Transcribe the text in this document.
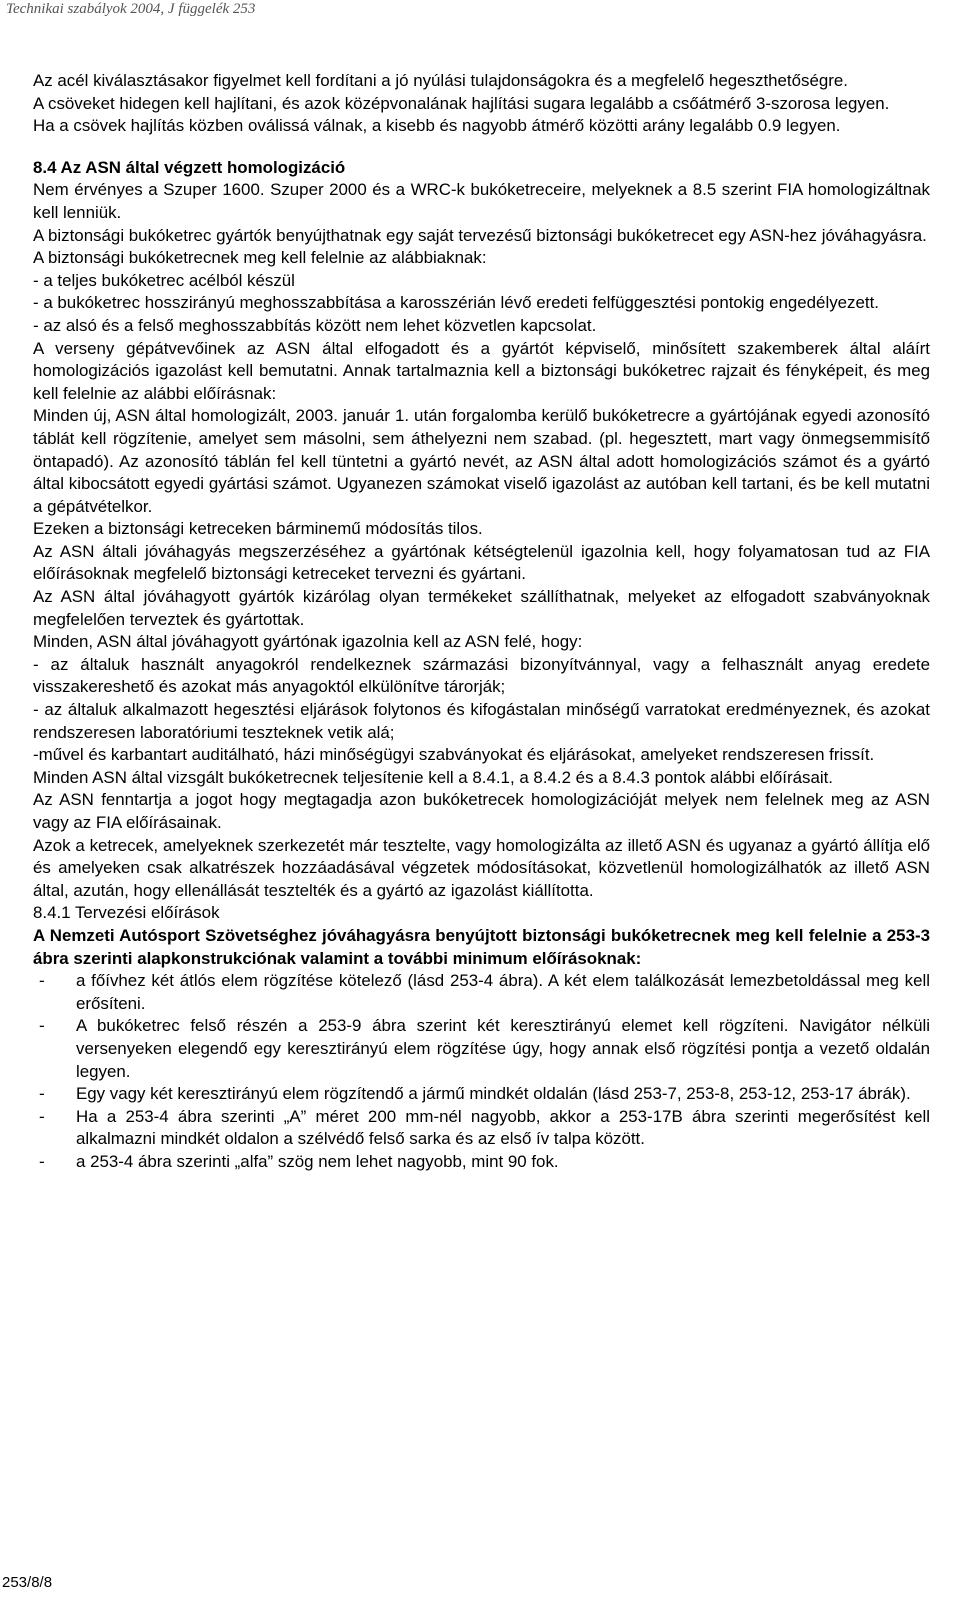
Technikai szabályok 2004, J függelék 253

Az acél kiválasztásakor figyelmet kell fordítani a jó nyúlási tulajdonságokra és a megfelelő hegeszthetőségre.

A csöveket hidegen kell hajlítani, és azok középvonalának hajlítási sugara legalább a csőátmérő 3-szorosa legyen.

Ha a csövek hajlítás közben oválissá válnak, a kisebb és nagyobb átmérő közötti arány legalább 0.9 legyen.

8.4 Az ASN által végzett homologizáció

Nem érvényes a Szuper 1600. Szuper 2000 és a WRC-k bukóketreceire, melyeknek a 8.5 szerint FIA homologizáltnak kell lenniük.

A biztonsági bukóketrec gyártók benyújthatnak egy saját tervezésű biztonsági bukóketrecet egy ASN-hez jóváhagyásra.

A biztonsági bukóketrecnek meg kell felelnie az alábbiaknak:

- a teljes bukóketrec acélból készül

- a bukóketrec hosszirányú meghosszabbítása a karosszérián lévő eredeti felfüggesztési pontokig engedélyezett.

- az alsó és a felső meghosszabbítás között nem lehet közvetlen kapcsolat.

A verseny gépátvevőinek az ASN által elfogadott és a gyártót képviselő, minősített szakemberek által aláírt homologizációs igazolást kell bemutatni. Annak tartalmaznia kell a biztonsági bukóketrec rajzait és fényképeit, és meg kell felelnie az alábbi előírásnak:

Minden új, ASN által homologizált, 2003. január 1. után forgalomba kerülő bukóketrecre a gyártójának egyedi azonosító táblát kell rögzítenie, amelyet sem másolni, sem áthelyezni nem szabad. (pl. hegesztett, mart vagy önmegsemmisítő öntapadó). Az azonosító táblán fel kell tüntetni a gyártó nevét, az ASN által adott homologizációs számot és a gyártó által kibocsátott egyedi gyártási számot. Ugyanezen számokat viselő igazolást az autóban kell tartani, és be kell mutatni a gépátvételkor.

Ezeken a biztonsági ketreceken bárminemű módosítás tilos.

Az ASN általi jóváhagyás megszerzéséhez a gyártónak kétségtelenül igazolnia kell, hogy folyamatosan tud az FIA előírásoknak megfelelő biztonsági ketreceket tervezni és gyártani.

Az ASN által jóváhagyott gyártók kizárólag olyan termékeket szállíthatnak, melyeket az elfogadott szabványoknak megfelelően terveztek és gyártottak.

Minden, ASN által jóváhagyott gyártónak igazolnia kell az ASN felé, hogy:

- az általuk használt anyagokról rendelkeznek származási bizonyítvánnyal, vagy a felhasznált anyag eredete visszakereshető és azokat más anyagoktól elkülönítve tárorják;

- az általuk alkalmazott hegesztési eljárások folytonos és kifogástalan minőségű varratokat eredményeznek, és azokat rendszeresen laboratóriumi teszteknek vetik alá;

-művel és karbantart auditálható, házi minőségügyi szabványokat és eljárásokat, amelyeket rendszeresen frissít.

Minden ASN által vizsgált bukóketrecnek teljesítenie kell a 8.4.1, a 8.4.2 és a 8.4.3 pontok alábbi előírásait.

Az ASN fenntartja a jogot hogy megtagadja azon bukóketrecek homologizációját melyek nem felelnek meg az ASN vagy az FIA előírásainak.

Azok a ketrecek, amelyeknek szerkezetét már tesztelte, vagy homologizálta az illető ASN és ugyanaz a gyártó állítja elő és amelyeken csak alkatrészek hozzáadásával végzetek módosításokat, közvetlenül homologizálhatók az illető ASN által, azután, hogy ellenállását tesztelték és a gyártó az igazolást kiállította.

8.4.1 Tervezési előírások

A Nemzeti Autósport Szövetséghez jóváhagyásra benyújtott biztonsági bukóketrecnek meg kell felelnie a 253-3 ábra szerinti alapkonstrukciónak valamint a további minimum előírásoknak:

- a főívhez két átlós elem rögzítése kötelező (lásd 253-4 ábra). A két elem találkozását lemezbetoldással meg kell erősíteni.
- A bukóketrec felső részén a 253-9 ábra szerint két keresztirányú elemet kell rögzíteni. Navigátor nélküli versenyeken elegendő egy keresztirányú elem rögzítése úgy, hogy annak első rögzítési pontja a vezető oldalán legyen.
- Egy vagy két keresztirányú elem rögzítendő a jármű mindkét oldalán (lásd 253-7, 253-8, 253-12, 253-17 ábrák).
- Ha a 253-4 ábra szerinti „A” méret 200 mm-nél nagyobb, akkor a 253-17B ábra szerinti megerősítést kell alkalmazni mindkét oldalon a szélvédő felső sarka és az első ív talpa között.
- a 253-4 ábra szerinti „alfa” szög nem lehet nagyobb, mint 90 fok.
253/8/8
